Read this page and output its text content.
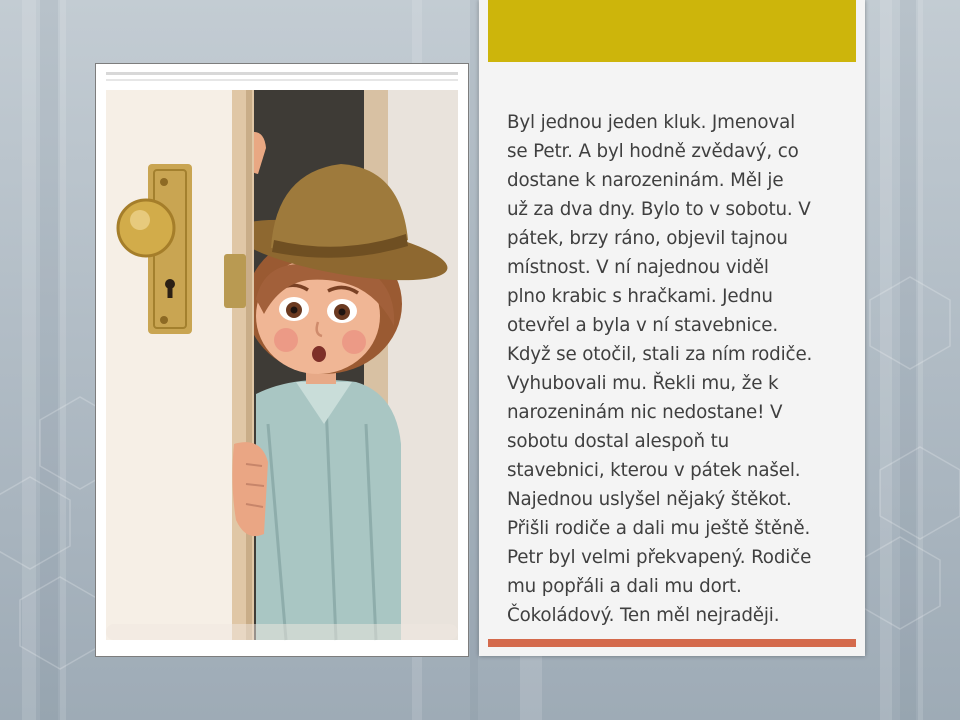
Byl jednou jeden kluk. Jmenoval
se Petr. A byl hodně zvědavý, co
dostane k narozeninám. Měl je
už za dva dny. Bylo to v sobotu. V
pátek, brzy ráno, objevil tajnou
místnost. V ní najednou viděl
plno krabic s hračkami. Jednu
otevřel a byla v ní stavebnice.
Když se otočil, stali za ním rodiče.
Vyhubovali mu. Řekli mu, že k
narozeninám nic nedostane! V
sobotu dostal alespoň tu
stavebnici, kterou v pátek našel.
Najednou uslyšel nějaký štěkot.
Přišli rodiče a dali mu ještě štěně.
Petr byl velmi překvapený. Rodiče
mu popřáli a dali mu dort.
Čokoládový. Ten měl nejraději.
